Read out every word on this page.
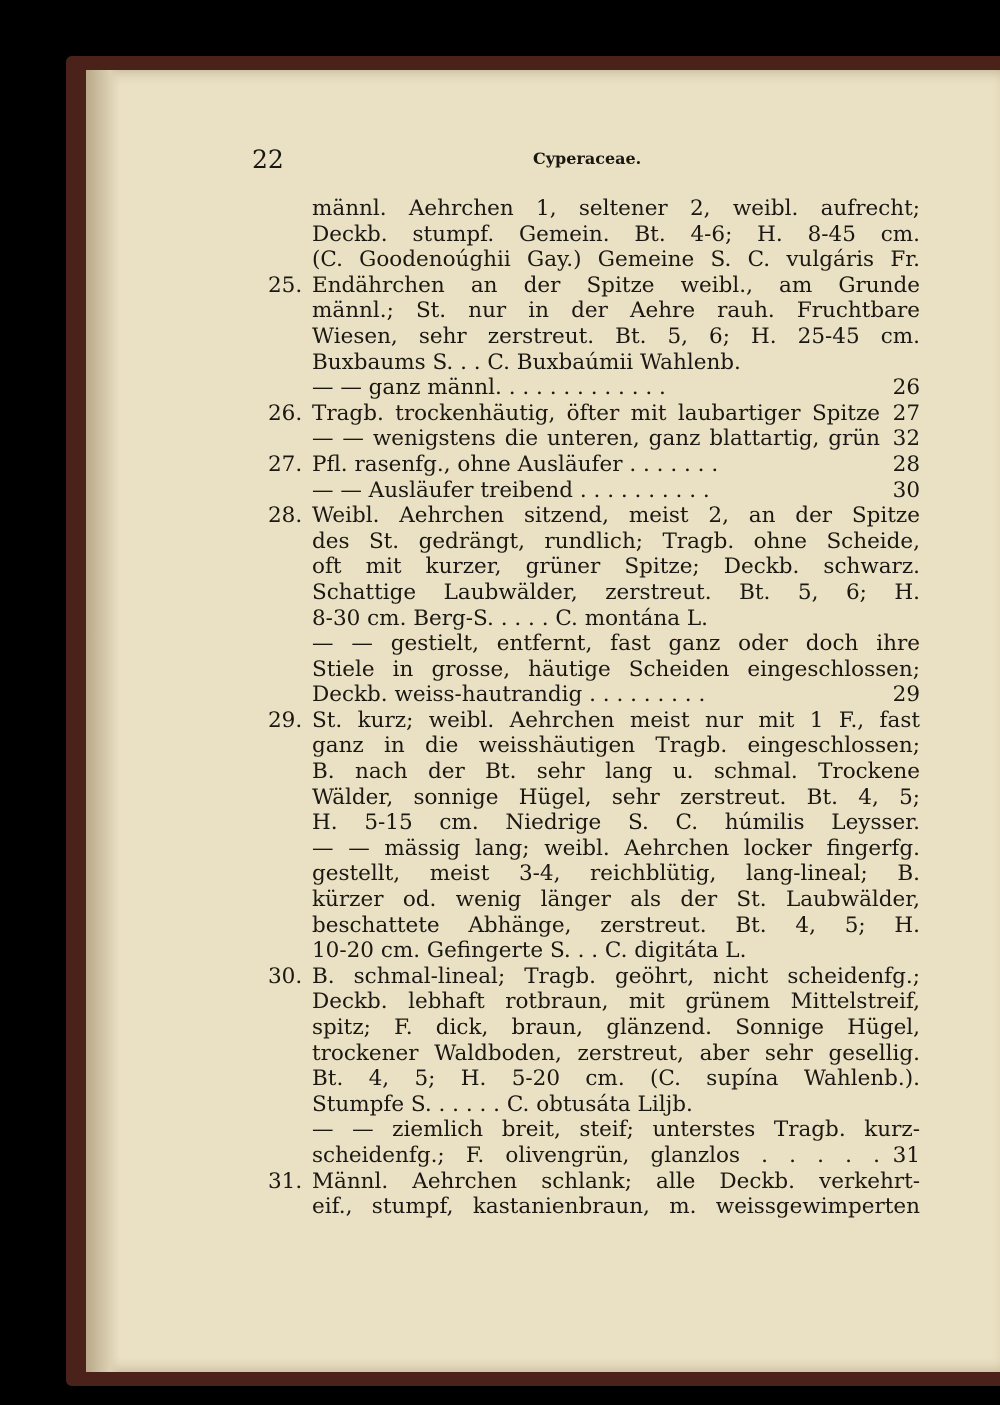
22	Cyperaceae.
männl. Aehrchen 1, seltener 2, weibl. aufrecht;
Deckb. stumpf. Gemein. Bt. 4-6; H. 8-45 cm.
(C. Goodenoúghii Gay.) Gemeine S. C. vulgáris Fr.
25. Endährchen an der Spitze weibl., am Grunde
männl.; St. nur in der Aehre rauh. Fruchtbare
Wiesen, sehr zerstreut. Bt. 5, 6; H. 25-45 cm.
Buxbaums S. . . C. Buxbaúmii Wahlenb.
— — ganz männl. . . . . . . . . . . . .	26
26. Tragb. trockenhäutig, öfter mit laubartiger Spitze 27
— — wenigstens die unteren, ganz blattartig, grün 32
27. Pfl. rasenfg., ohne Ausläufer . . . . . . .	28
— — Ausläufer treibend . . . . . . . . . .	30
28. Weibl. Aehrchen sitzend, meist 2, an der Spitze
des St. gedrängt, rundlich; Tragb. ohne Scheide,
oft mit kurzer, grüner Spitze; Deckb. schwarz.
Schattige Laubwälder, zerstreut. Bt. 5, 6; H.
8-30 cm. Berg-S. . . . . C. montána L.
— — gestielt, entfernt, fast ganz oder doch ihre
Stiele in grosse, häutige Scheiden eingeschlossen;
Deckb. weiss-hautrandig . . . . . . . . .	29
29. St. kurz; weibl. Aehrchen meist nur mit 1 F., fast
ganz in die weisshäutigen Tragb. eingeschlossen;
B. nach der Bt. sehr lang u. schmal. Trockene
Wälder, sonnige Hügel, sehr zerstreut. Bt. 4, 5;
H. 5-15 cm. Niedrige S. C. húmilis Leysser.
— — mässig lang; weibl. Aehrchen locker fingerfg.
gestellt, meist 3-4, reichblütig, lang-lineal; B.
kürzer od. wenig länger als der St. Laubwälder,
beschattete Abhänge, zerstreut. Bt. 4, 5; H.
10-20 cm. Gefingerte S. . . C. digitáta L.
30. B. schmal-lineal; Tragb. geöhrt, nicht scheidenfg.;
Deckb. lebhaft rotbraun, mit grünem Mittelstreif,
spitz; F. dick, braun, glänzend. Sonnige Hügel,
trockener Waldboden, zerstreut, aber sehr gesellig.
Bt. 4, 5; H. 5-20 cm. (C. supína Wahlenb.).
Stumpfe S. . . . . . C. obtusáta Liljb.
— — ziemlich breit, steif; unterstes Tragb. kurz-
scheidenfg.; F. olivengrün, glanzlos . . . . . 31
31. Männl. Aehrchen schlank; alle Deckb. verkehrt-
eif., stumpf, kastanienbraun, m. weissgewimperten
